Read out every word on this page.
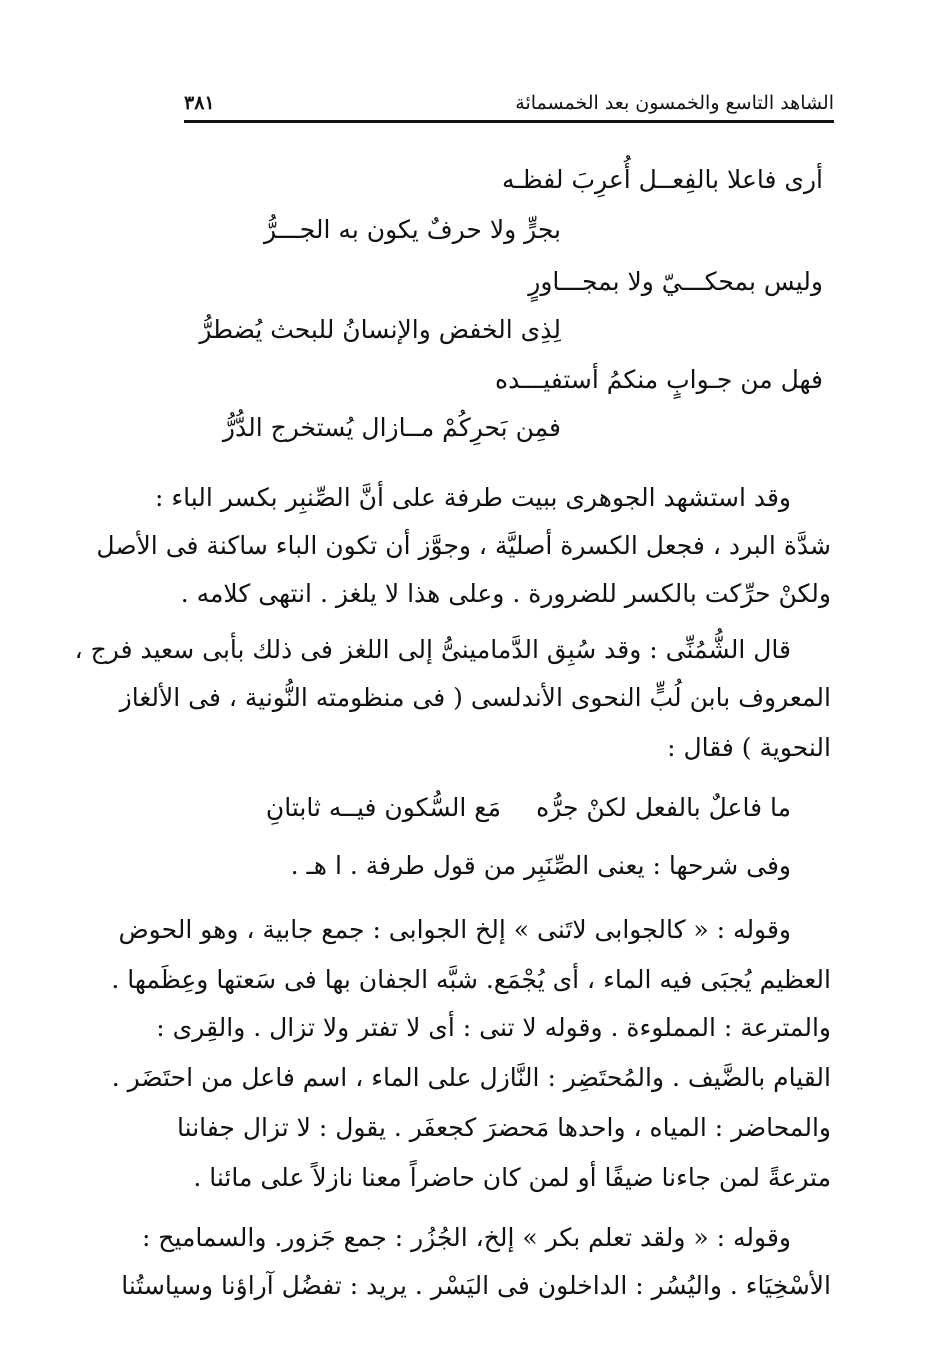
الشاهد التاسع والخمسون بعد الخمسمائة
٣٨١
أرى فاعلا بالفِعــل أُعرِبَ لفظـه
بجرٍّ ولا حرفٌ يكون به الجـــرُّ
وليس بمحكـــيّ ولا بمجـــاورٍ
لِذِى الخفض والإنسانُ للبحث يُضطرُّ
فهل من جـوابٍ منكمُ أستفيـــده
فمِن بَحرِكُمْ مــازال يُستخرج الدُّرُّ
وقد استشهد الجوهرى ببيت طرفة على أنَّ الصِّنبِر بكسر الباء :
شدَّة البرد ، فجعل الكسرة أصليَّة ، وجوَّز أن تكون الباء ساكنة فى الأصل
ولكنْ حرِّكت بالكسر للضرورة . وعلى هذا لا يلغز . انتهى كلامه .
قال الشُّمُنِّى : وقد سُبِق الدَّمامينىُّ إلى اللغز فى ذلك بأبى سعيد فرج ،
المعروف بابن لُبٍّ النحوى الأندلسى ( فى منظومته النُّونية ، فى الألغاز
النحوية ) فقال :
ما فاعلٌ بالفعل لكنْ جرُّه
مَع السُّكون فيــه ثابتانِ
وفى شرحها : يعنى الصِّنَبِر من قول طرفة . ا هـ .
وقوله : « كالجوابى لاتَنى » إلخ الجوابى : جمع جابية ، وهو الحوض
العظيم يُجبَى فيه الماء ، أى يُجْمَع. شبَّه الجفان بها فى سَعتها وعِظَمها .
والمترعة : المملوءة . وقوله لا تنى : أى لا تفتر ولا تزال . والقِرى :
القيام بالضَّيف . والمُحتَضِر : النَّازل على الماء ، اسم فاعل من احتَضَر .
والمحاضر : المياه ، واحدها مَحضرَ كجعفَر . يقول : لا تزال جفاننا
مترعةً لمن جاءنا ضيفًا أو لمن كان حاضراً معنا نازلاً على مائنا .
وقوله : « ولقد تعلم بكر » إلخ، الجُزُر : جمع جَزور. والسماميح :
الأسْخِيَاء . واليُسُر : الداخلون فى اليَسْر . يريد : تفضُل آراؤنا وسياستُنا
